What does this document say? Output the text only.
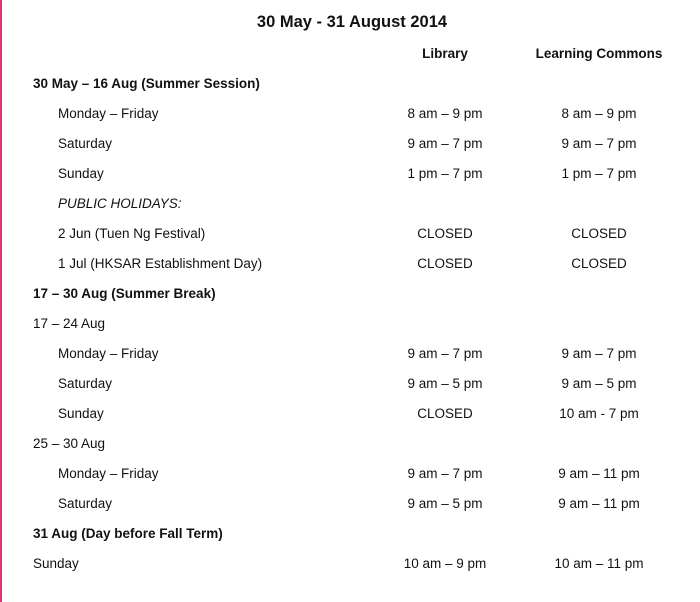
30 May - 31 August 2014
Library	Learning Commons
30 May – 16 Aug (Summer Session)
Monday – Friday	8 am – 9 pm	8 am – 9 pm
Saturday	9 am – 7 pm	9 am – 7 pm
Sunday	1 pm – 7 pm	1 pm – 7 pm
PUBLIC HOLIDAYS:
2 Jun (Tuen Ng Festival)	CLOSED	CLOSED
1 Jul (HKSAR Establishment Day)	CLOSED	CLOSED
17 – 30 Aug (Summer Break)
17 – 24 Aug
Monday – Friday	9 am – 7 pm	9 am – 7 pm
Saturday	9 am – 5 pm	9 am – 5 pm
Sunday	CLOSED	10 am - 7 pm
25 – 30 Aug
Monday – Friday	9 am – 7 pm	9 am – 11 pm
Saturday	9 am – 5 pm	9 am – 11 pm
31 Aug (Day before Fall Term)
Sunday	10 am – 9 pm	10 am – 11 pm
